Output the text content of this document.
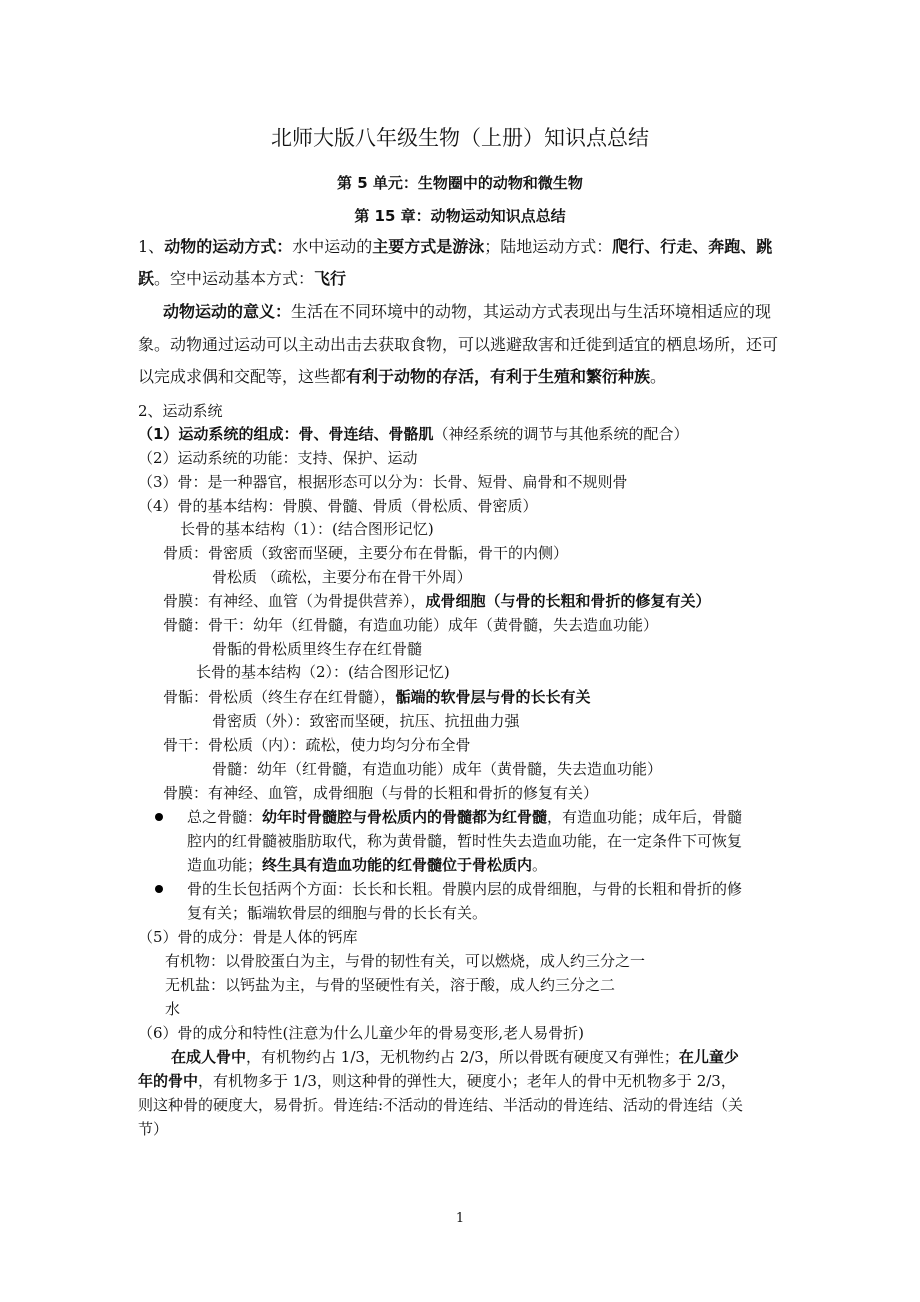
北师大版八年级生物（上册）知识点总结
第 5 单元：生物圈中的动物和微生物
第 15 章：动物运动知识点总结
1、动物的运动方式：水中运动的主要方式是游泳；陆地运动方式：爬行、行走、奔跑、跳
跃。空中运动基本方式：飞行
动物运动的意义：生活在不同环境中的动物，其运动方式表现出与生活环境相适应的现
象。动物通过运动可以主动出击去获取食物，可以逃避敌害和迁徙到适宜的栖息场所，还可
以完成求偶和交配等，这些都有利于动物的存活，有利于生殖和繁衍种族。
2、运动系统
（1）运动系统的组成：骨、骨连结、骨骼肌（神经系统的调节与其他系统的配合）
（2）运动系统的功能：支持、保护、运动
（3）骨：是一种器官，根据形态可以分为：长骨、短骨、扁骨和不规则骨
（4）骨的基本结构：骨膜、骨髓、骨质（骨松质、骨密质）
长骨的基本结构（1）：(结合图形记忆)
骨质：骨密质（致密而坚硬，主要分布在骨骺，骨干的内侧）
骨松质 （疏松，主要分布在骨干外周）
骨膜：有神经、血管（为骨提供营养），成骨细胞（与骨的长粗和骨折的修复有关）
骨髓：骨干：幼年（红骨髓，有造血功能）成年（黄骨髓，失去造血功能）
骨骺的骨松质里终生存在红骨髓
长骨的基本结构（2）：(结合图形记忆)
骨骺：骨松质（终生存在红骨髓），骺端的软骨层与骨的长长有关
骨密质（外）：致密而坚硬，抗压、抗扭曲力强
骨干：骨松质（内）：疏松，使力均匀分布全骨
骨髓：幼年（红骨髓，有造血功能）成年（黄骨髓，失去造血功能）
骨膜：有神经、血管，成骨细胞（与骨的长粗和骨折的修复有关）
总之骨髓：幼年时骨髓腔与骨松质内的骨髓都为红骨髓，有造血功能；成年后，骨髓
腔内的红骨髓被脂肪取代，称为黄骨髓，暂时性失去造血功能，在一定条件下可恢复
造血功能；终生具有造血功能的红骨髓位于骨松质内。
骨的生长包括两个方面：长长和长粗。骨膜内层的成骨细胞，与骨的长粗和骨折的修
复有关；骺端软骨层的细胞与骨的长长有关。
（5）骨的成分：骨是人体的钙库
有机物：以骨胶蛋白为主，与骨的韧性有关，可以燃烧，成人约三分之一
无机盐：以钙盐为主，与骨的坚硬性有关，溶于酸，成人约三分之二
水
（6）骨的成分和特性(注意为什么儿童少年的骨易变形,老人易骨折)
在成人骨中，有机物约占 1/3，无机物约占 2/3，所以骨既有硬度又有弹性；在儿童少
年的骨中，有机物多于 1/3，则这种骨的弹性大，硬度小；老年人的骨中无机物多于 2/3，
则这种骨的硬度大，易骨折。骨连结:不活动的骨连结、半活动的骨连结、活动的骨连结（关
节）
1
